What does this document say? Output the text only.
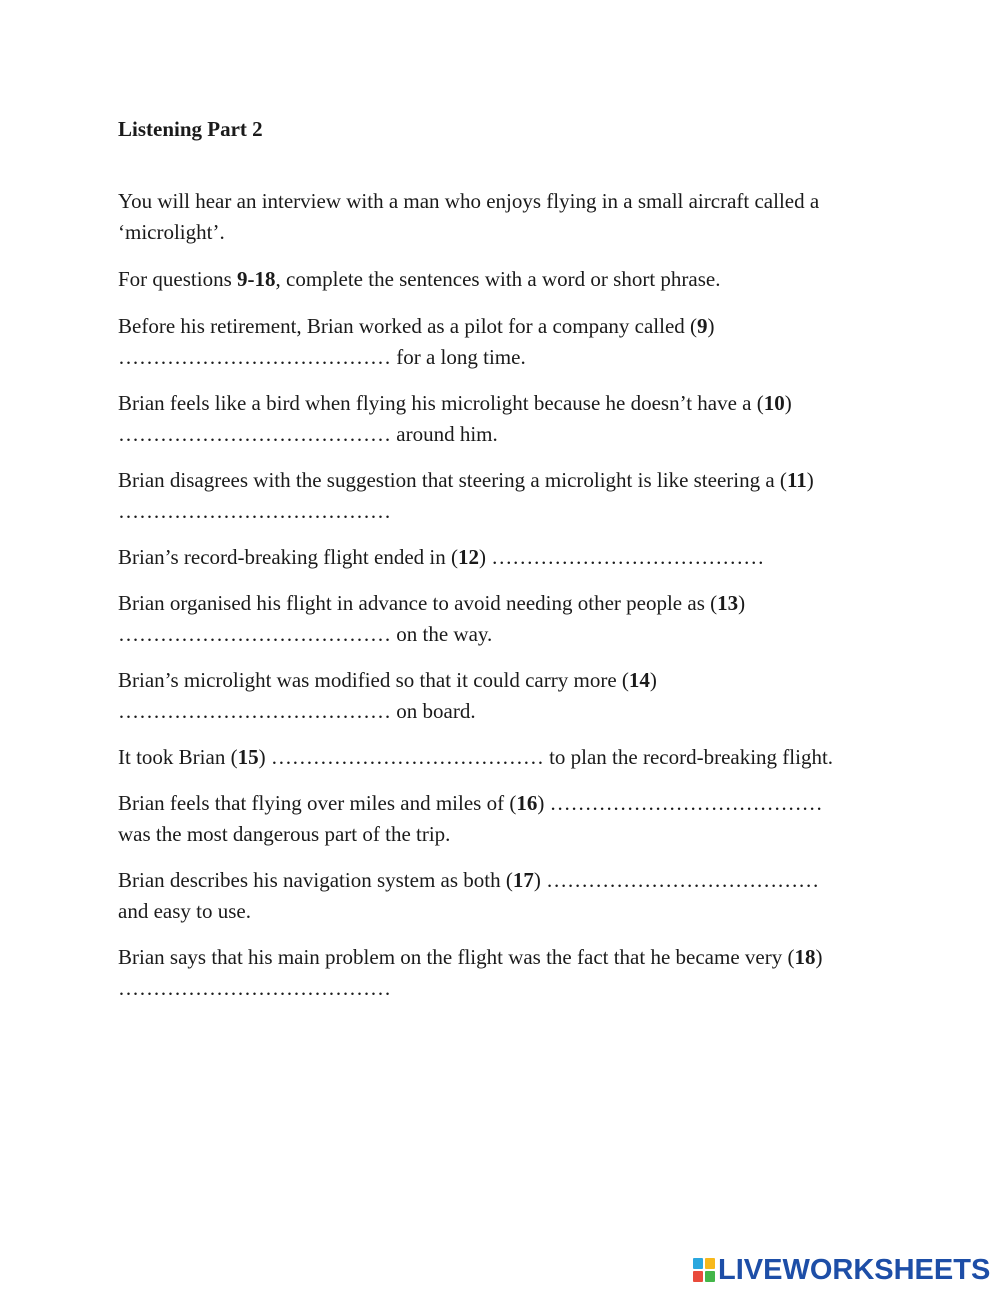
Listening Part 2

You will hear an interview with a man who enjoys flying in a small aircraft called a ‘microlight’.

For questions 9-18, complete the sentences with a word or short phrase.

Before his retirement, Brian worked as a pilot for a company called (9)
………………………………… for a long time.

Brian feels like a bird when flying his microlight because he doesn’t have a (10)
………………………………… around him.

Brian disagrees with the suggestion that steering a microlight is like steering a (11)
…………………………………

Brian’s record-breaking flight ended in (12) …………………………………

Brian organised his flight in advance to avoid needing other people as (13)
………………………………… on the way.

Brian’s microlight was modified so that it could carry more (14)
………………………………… on board.

It took Brian (15) ………………………………… to plan the record-breaking flight.

Brian feels that flying over miles and miles of (16) …………………………………
was the most dangerous part of the trip.

Brian describes his navigation system as both (17) …………………………………
and easy to use.

Brian says that his main problem on the flight was the fact that he became very (18) …………………………………

LIVEWORKSHEETS
